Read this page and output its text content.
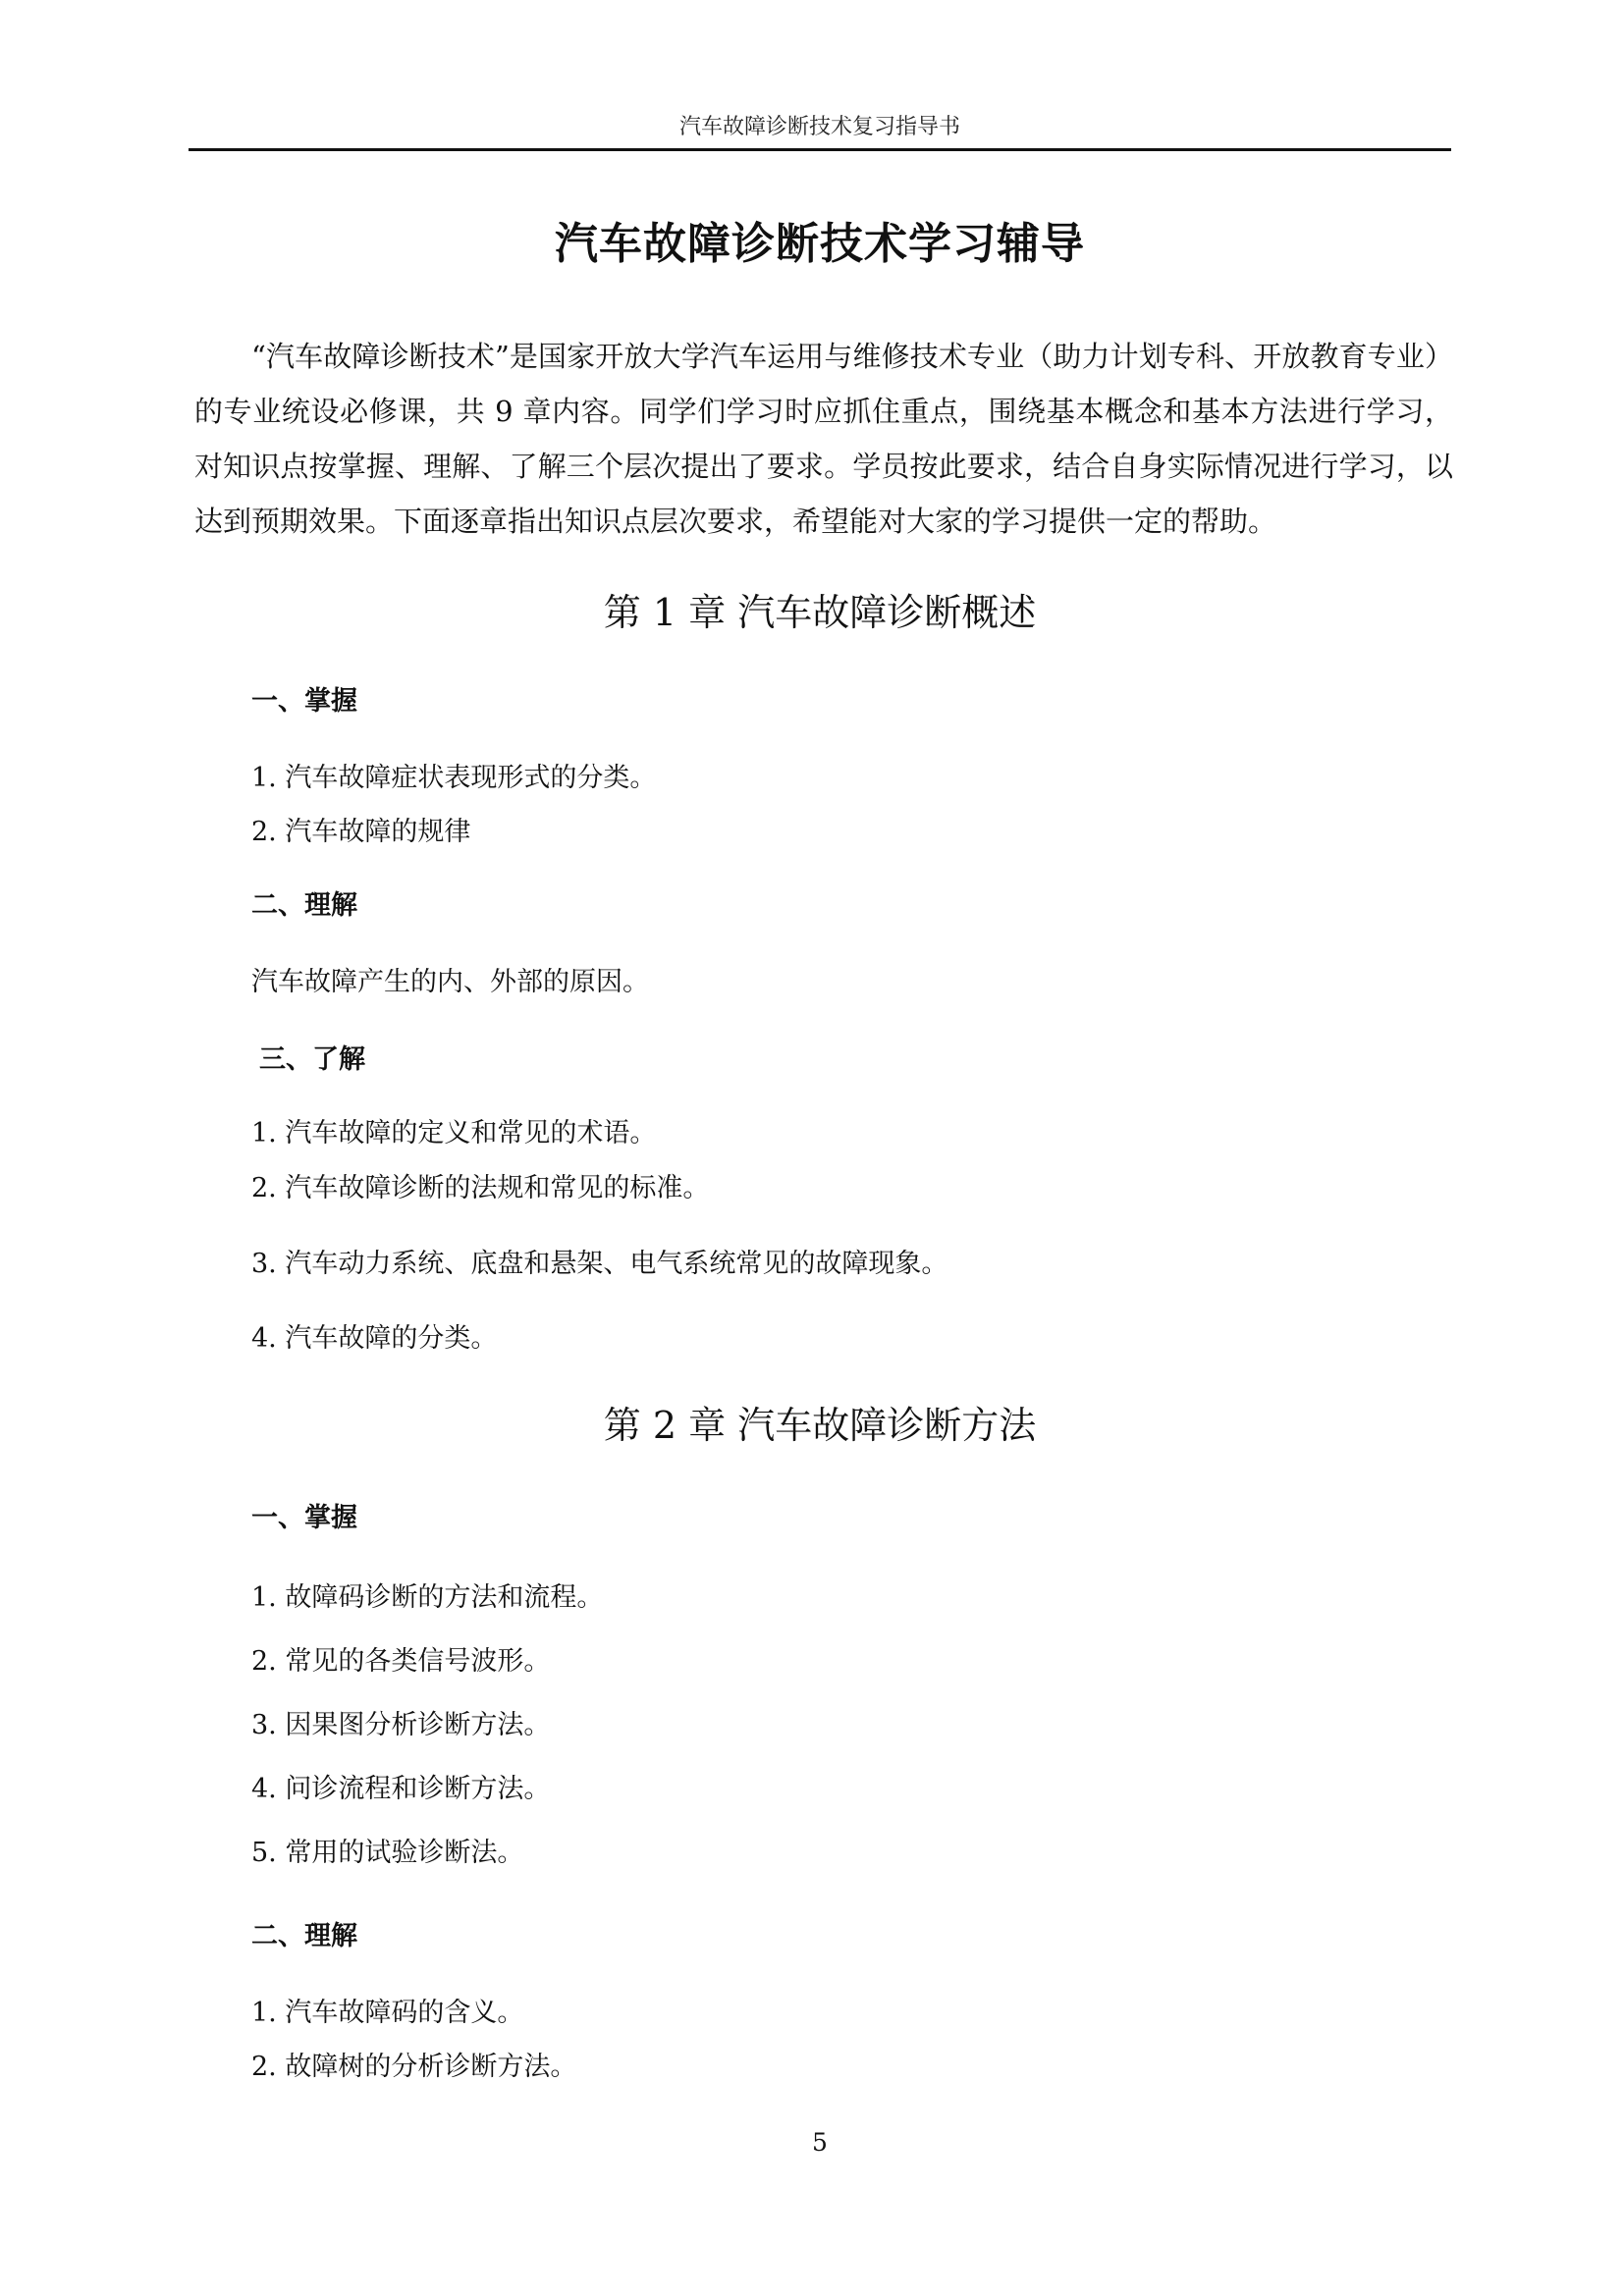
汽车故障诊断技术复习指导书
汽车故障诊断技术学习辅导

“汽车故障诊断技术”是国家开放大学汽车运用与维修技术专业（助力计划专科、开放教育专业）的专业统设必修课，共 9 章内容。同学们学习时应抓住重点，围绕基本概念和基本方法进行学习，对知识点按掌握、理解、了解三个层次提出了要求。学员按此要求，结合自身实际情况进行学习，以达到预期效果。下面逐章指出知识点层次要求，希望能对大家的学习提供一定的帮助。

第 1 章 汽车故障诊断概述
一、掌握
1. 汽车故障症状表现形式的分类。
2. 汽车故障的规律
二、理解
汽车故障产生的内、外部的原因。
三、了解
1. 汽车故障的定义和常见的术语。
2. 汽车故障诊断的法规和常见的标准。
3. 汽车动力系统、底盘和悬架、电气系统常见的故障现象。
4. 汽车故障的分类。
第 2 章 汽车故障诊断方法
一、掌握
1. 故障码诊断的方法和流程。
2. 常见的各类信号波形。
3. 因果图分析诊断方法。
4. 问诊流程和诊断方法。
5. 常用的试验诊断法。
二、理解
1. 汽车故障码的含义。
2. 故障树的分析诊断方法。
5
